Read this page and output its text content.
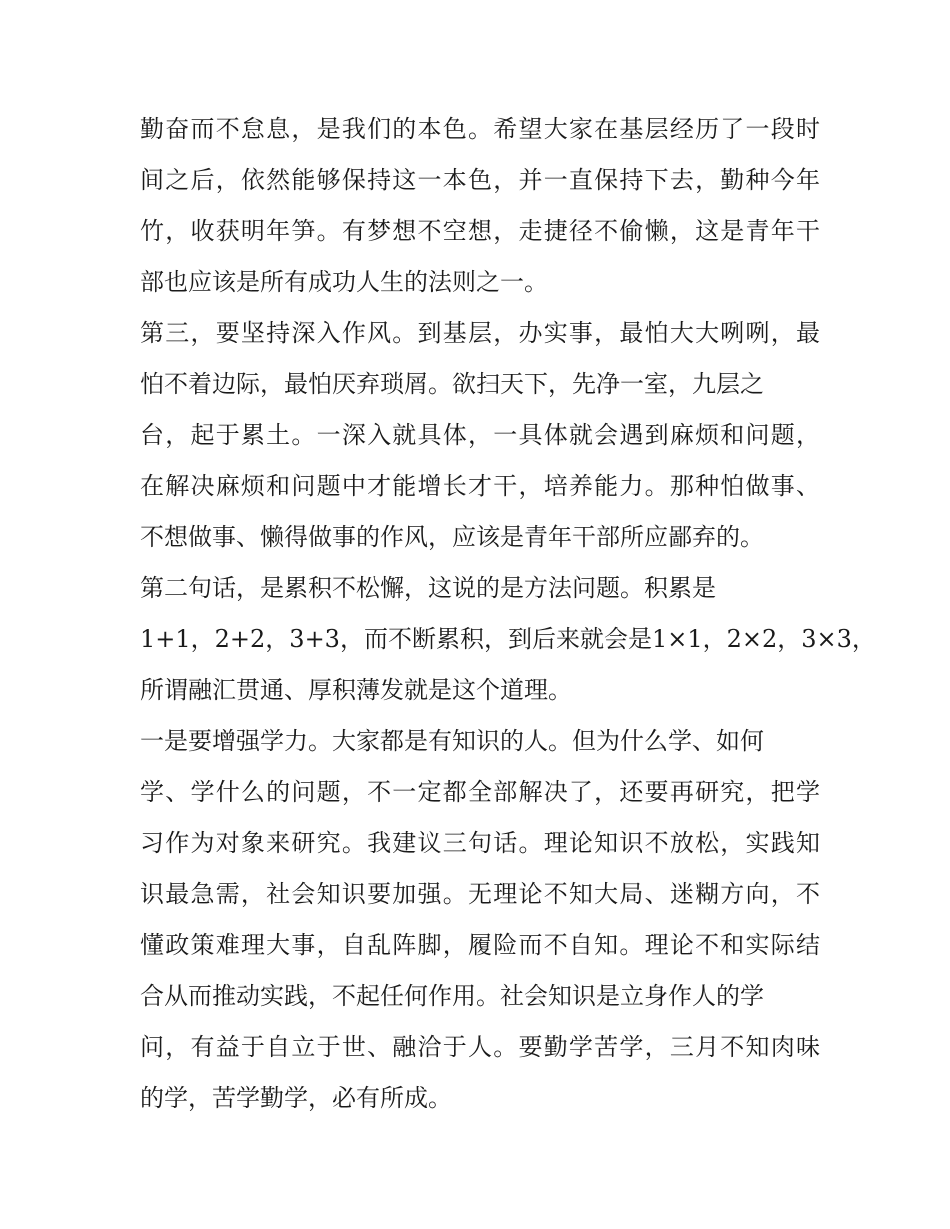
勤奋而不怠息，是我们的本色。希望大家在基层经历了一段时
间之后，依然能够保持这一本色，并一直保持下去，勤种今年
竹，收获明年笋。有梦想不空想，走捷径不偷懒，这是青年干
部也应该是所有成功人生的法则之一。
第三，要坚持深入作风。到基层，办实事，最怕大大咧咧，最
怕不着边际，最怕厌弃琐屑。欲扫天下，先净一室，九层之
台，起于累土。一深入就具体，一具体就会遇到麻烦和问题，
在解决麻烦和问题中才能增长才干，培养能力。那种怕做事、
不想做事、懒得做事的作风，应该是青年干部所应鄙弃的。
第二句话，是累积不松懈，这说的是方法问题。积累是
1+1，2+2，3+3，而不断累积，到后来就会是1×1，2×2，3×3，
所谓融汇贯通、厚积薄发就是这个道理。
一是要增强学力。大家都是有知识的人。但为什么学、如何
学、学什么的问题，不一定都全部解决了，还要再研究，把学
习作为对象来研究。我建议三句话。理论知识不放松，实践知
识最急需，社会知识要加强。无理论不知大局、迷糊方向，不
懂政策难理大事，自乱阵脚，履险而不自知。理论不和实际结
合从而推动实践，不起任何作用。社会知识是立身作人的学
问，有益于自立于世、融洽于人。要勤学苦学，三月不知肉味
的学，苦学勤学，必有所成。
